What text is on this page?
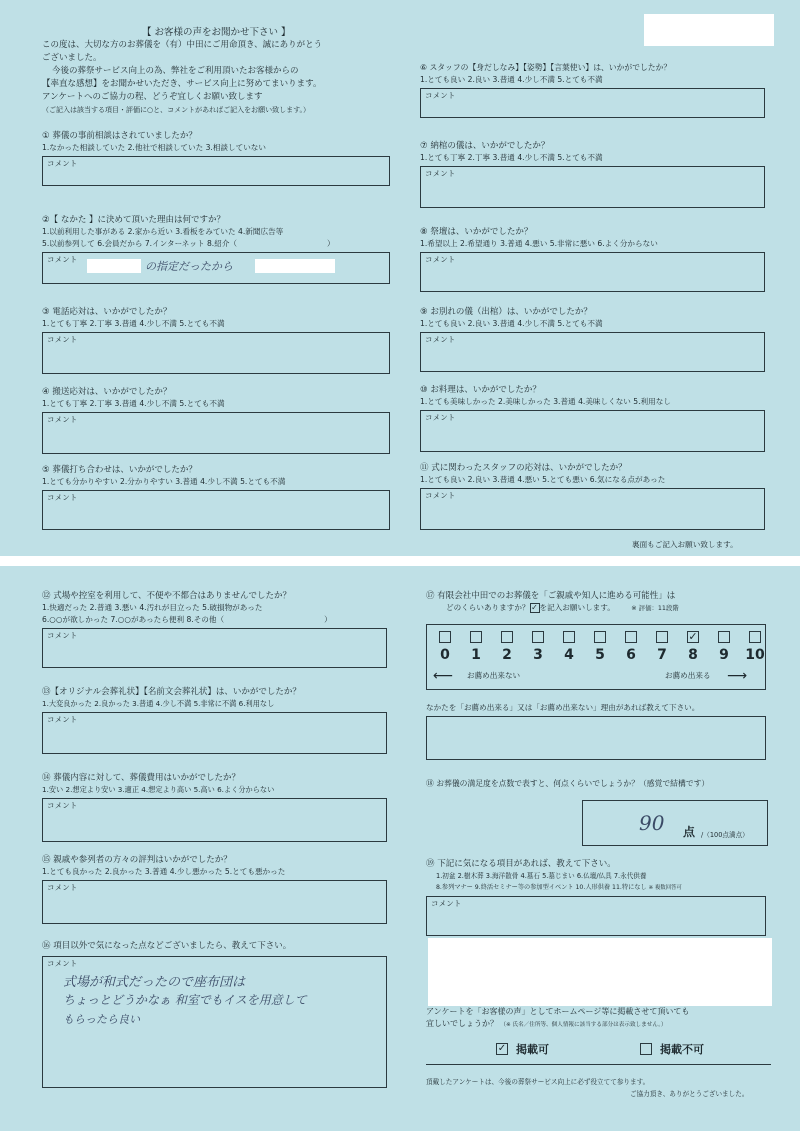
【 お客様の声をお聞かせ下さい 】
この度は、大切な方のお葬儀を（有）中田にご用命頂き、誠にありがとう
ございました。
今後の葬祭サービス向上の為、弊社をご利用頂いたお客様からの
【率直な感想】をお聞かせいただき、サービス向上に努めてまいります。
アンケートへのご協力の程、どうぞ宜しくお願い致します
（ご記入は該当する項目・評価に○と、コメントがあればご記入をお願い致します。）
① 葬儀の事前相談はされていましたか？
1.なかった相談していた 2.他社で相談していた 3.相談していない
コメント
②【 なかた 】に決めて頂いた理由は何ですか？
1.以前利用した事がある 2.家から近い 3.看板をみていた 4.新聞広告等
5.以前参列して 6.会員だから 7.インターネット 8.紹介（	）
コメント
の指定だったから
③ 電話応対は、いかがでしたか？
1.とても丁寧 2.丁寧 3.普通 4.少し不満 5.とても不満
コメント
④ 搬送応対は、いかがでしたか？
1.とても丁寧 2.丁寧 3.普通 4.少し不満 5.とても不満
コメント
⑤ 葬儀打ち合わせは、いかがでしたか？
1.とても分かりやすい 2.分かりやすい 3.普通 4.少し不満 5.とても不満
コメント
⑥ スタッフの【身だしなみ】【姿勢】【言葉使い】は、いかがでしたか？
1.とても良い 2.良い 3.普通 4.少し不満 5.とても不満
コメント
⑦ 納棺の儀は、いかがでしたか？
1.とても丁寧 2.丁寧 3.普通 4.少し不満 5.とても不満
コメント
⑧ 祭壇は、いかがでしたか？
1.希望以上 2.希望通り 3.普通 4.悪い 5.非常に悪い 6.よく分からない
コメント
⑨ お別れの儀（出棺）は、いかがでしたか？
1.とても良い 2.良い 3.普通 4.少し不満 5.とても不満
コメント
⑩ お料理は、いかがでしたか？
1.とても美味しかった 2.美味しかった 3.普通 4.美味しくない 5.利用なし
コメント
⑪ 式に関わったスタッフの応対は、いかがでしたか？
1.とても良い 2.良い 3.普通 4.悪い 5.とても悪い 6.気になる点があった
コメント
裏面もご記入お願い致します。
⑫ 式場や控室を利用して、不便や不都合はありませんでしたか？
1.快適だった 2.普通 3.悪い 4.汚れが目立った 5.破損物があった
6.○○が欲しかった 7.○○があったら便利 8.その他（	）
コメント
⑬【オリジナル会葬礼状】【名前文会葬礼状】は、いかがでしたか？
1.大変良かった 2.良かった 3.普通 4.少し不満 5.非常に不満 6.利用なし
コメント
⑭ 葬儀内容に対して、葬儀費用はいかがでしたか？
1.安い 2.想定より安い 3.適正 4.想定より高い 5.高い 6.よく分からない
コメント
⑮ 親戚や参列者の方々の評判はいかがでしたか？
1.とても良かった 2.良かった 3.普通 4.少し悪かった 5.とても悪かった
コメント
⑯ 項目以外で気になった点などございましたら、教えて下さい。
コメント
式場が和式だったので座布団は
ちょっとどうかなぁ 和室でもイスを用意して
もらったら良い
⑰ 有限会社中田でのお葬儀を「ご親戚や知人に進める可能性」は
どのくらいありますか？ ✓ を記入お願いします。	※ 評価：11段階
0	1	2	3	4	5	6	7
✓
8	9	10
⟵ お薦め出来ない	お薦め出来る ⟶
なかたを「お薦め出来る」又は「お薦め出来ない」理由があれば教えて下さい。
⑱ お葬儀の満足度を点数で表すと、何点くらいでしょうか？（感覚で結構です）
90 点 /（100点満点）
⑲ 下記に気になる項目があれば、教えて下さい。
1.初盆 2.樹木葬 3.海洋散骨 4.墓石 5.墓じまい 6.仏壇/仏具 7.永代供養
8.参列マナー 9.終活セミナー等の参加型イベント 10.人形供養 11.特になし ※ 複数回答可
コメント
アンケートを「お客様の声」としてホームページ等に掲載させて頂いても
宜しいでしょうか？ （※ 氏名／住所等、個人情報に該当する部分は表示致しません。）
✓ 掲載可	掲載不可
頂戴したアンケートは、今後の葬祭サービス向上に必ず役立てて参ります。
ご協力頂き、ありがとうございました。
